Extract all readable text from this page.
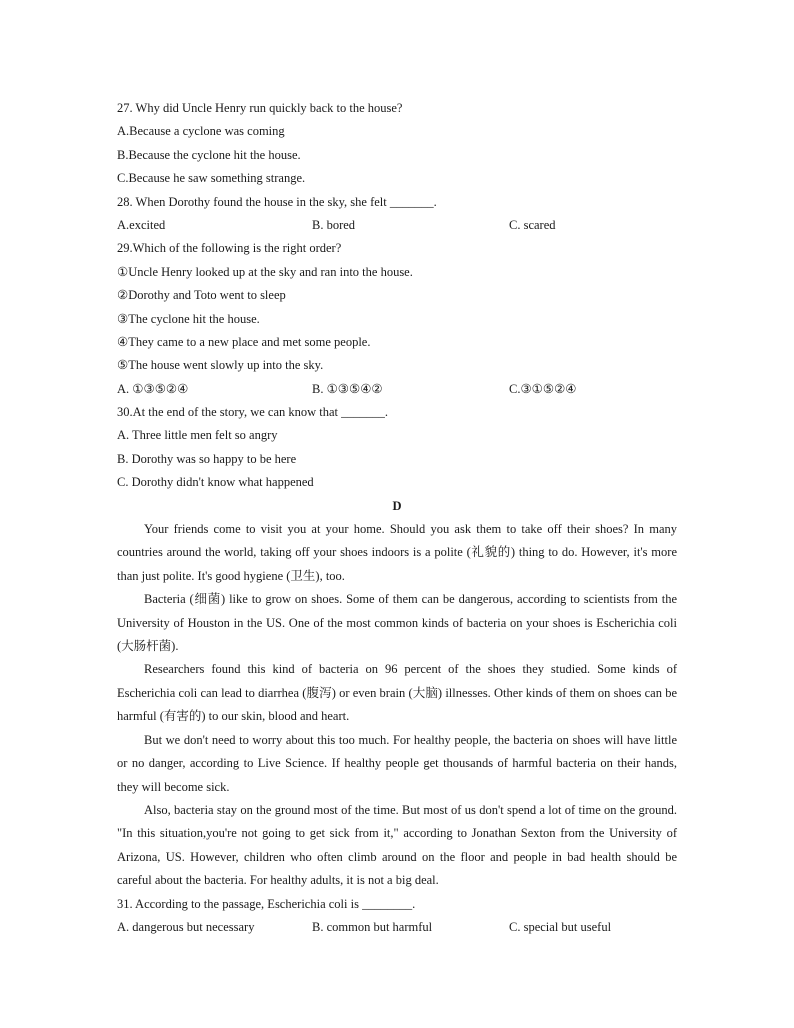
27. Why did Uncle Henry run quickly back to the house?
A.Because a cyclone was coming
B.Because the cyclone hit the house.
C.Because he saw something strange.
28. When Dorothy found the house in the sky, she felt _______.
A.excited	B. bored	C. scared
29.Which of the following is the right order?
①Uncle Henry looked up at the sky and ran into the house.
②Dorothy and Toto went to sleep
③The cyclone hit the house.
④They came to a new place and met some people.
⑤The house went slowly up into the sky.
A. ①③⑤②④	B. ①③⑤④②	C.③①⑤②④
30.At the end of the story, we can know that _______.
A. Three little men felt so angry
B. Dorothy was so happy to be here
C. Dorothy didn't know what happened
D

Your friends come to visit you at your home. Should you ask them to take off their shoes? In many countries around the world, taking off your shoes indoors is a polite (礼貌的) thing to do. However, it's more than just polite. It's good hygiene (卫生), too.

Bacteria (细菌) like to grow on shoes. Some of them can be dangerous, according to scientists from the University of Houston in the US. One of the most common kinds of bacteria on your shoes is Escherichia coli (大肠杆菌).

Researchers found this kind of bacteria on 96 percent of the shoes they studied. Some kinds of Escherichia coli can lead to diarrhea (腹泻) or even brain (大脑) illnesses. Other kinds of them on shoes can be harmful (有害的) to our skin, blood and heart.

But we don't need to worry about this too much. For healthy people, the bacteria on shoes will have little or no danger, according to Live Science. If healthy people get thousands of harmful bacteria on their hands, they will become sick.

Also, bacteria stay on the ground most of the time. But most of us don't spend a lot of time on the ground. "In this situation,you're not going to get sick from it," according to Jonathan Sexton from the University of Arizona, US. However, children who often climb around on the floor and people in bad health should be careful about the bacteria. For healthy adults, it is not a big deal.

31. According to the passage, Escherichia coli is ________.
A. dangerous but necessary	B. common but harmful	C. special but useful
